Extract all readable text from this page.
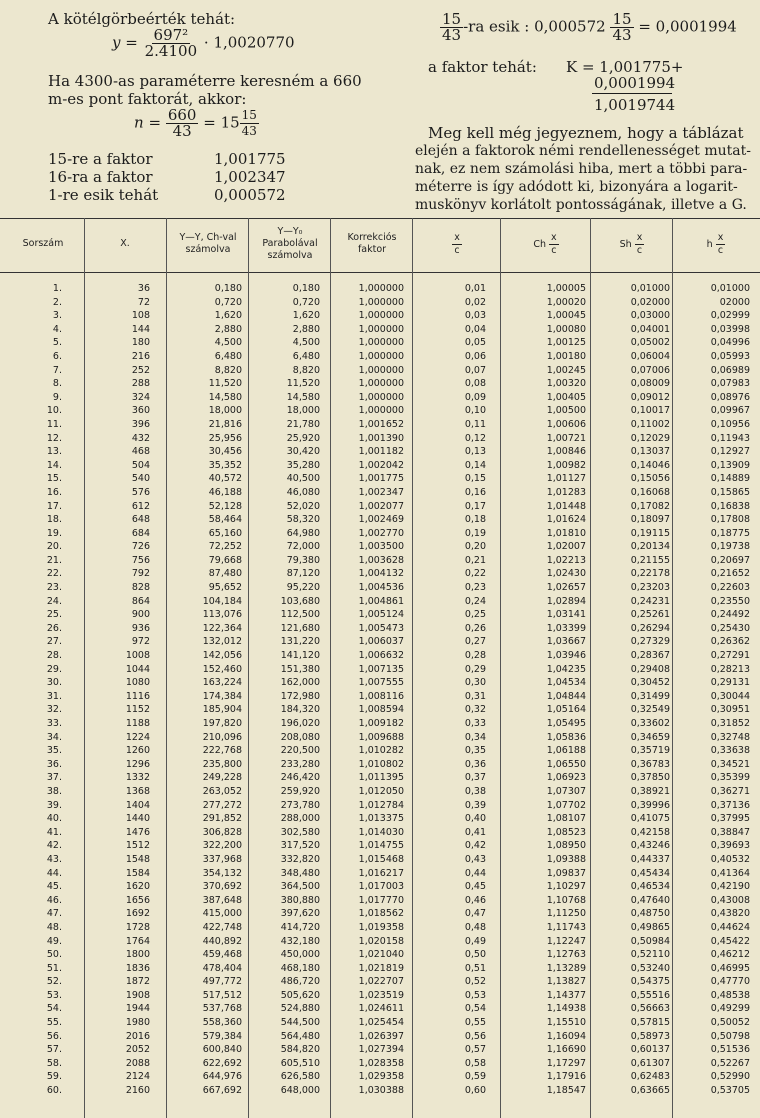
A kötélgörbeérték tehát:
$y = \frac{\text{697²}}{2.4100} \cdot 1,0020770$
Ha 4300-as paraméterre keresném a 660
m-es pont faktorát, akkor:
$n = \frac{660}{43} = 15 \frac{15}{43}$
15-re a faktor	1,001775
16-ra a faktor	1,002347
1-re esik tehát	0,000572
$\frac{15}{43} -ra$ esik : $0,000572 \frac{15}{43} = 0,0001994$
a faktor tehát: K = 1,001775+
0,0001994
1,0019744
Meg kell még jegyeznem, hogy a táblázat
elején a faktorok némi rendellenességet mutat-
nak, ez nem számolási hiba, mert a többi para-
méterre is így adódott ki, bizonyára a logarit-
muskönyv korlátolt pontosságának, illetve a G.
Sorszám	X.
Y—Y, Ch-val
számolva
Y—Y₀
Parabolával
számolva
Korrekciós
faktor	$\frac{x}{c}$	Ch $\frac{x}{c}$	Sh $\frac{x}{c}$	h $\frac{x}{c}$
1.	36	0,180	0,180	1,000000	0,01	1,00005	0,01000	0,01000
2.	72	0,720	0,720	1,000000	0,02	1,00020	0,02000	02000
3.	108	1,620	1,620	1,000000	0,03	1,00045	0,03000	0,02999
4.	144	2,880	2,880	1,000000	0,04	1,00080	0,04001	0,03998
5.	180	4,500	4,500	1,000000	0,05	1,00125	0,05002	0,04996
6.	216	6,480	6,480	1,000000	0,06	1,00180	0,06004	0,05993
7.	252	8,820	8,820	1,000000	0,07	1,00245	0,07006	0,06989
8.	288	11,520	11,520	1,000000	0,08	1,00320	0,08009	0,07983
9.	324	14,580	14,580	1,000000	0,09	1,00405	0,09012	0,08976
10.	360	18,000	18,000	1,000000	0,10	1,00500	0,10017	0,09967
11.	396	21,816	21,780	1,001652	0,11	1,00606	0,11002	0,10956
12.	432	25,956	25,920	1,001390	0,12	1,00721	0,12029	0,11943
13.	468	30,456	30,420	1,001182	0,13	1,00846	0,13037	0,12927
14.	504	35,352	35,280	1,002042	0,14	1,00982	0,14046	0,13909
15.	540	40,572	40,500	1,001775	0,15	1,01127	0,15056	0,14889
16.	576	46,188	46,080	1,002347	0,16	1,01283	0,16068	0,15865
17.	612	52,128	52,020	1,002077	0,17	1,01448	0,17082	0,16838
18.	648	58,464	58,320	1,002469	0,18	1,01624	0,18097	0,17808
19.	684	65,160	64,980	1,002770	0,19	1,01810	0,19115	0,18775
20.	726	72,252	72,000	1,003500	0,20	1,02007	0,20134	0,19738
21.	756	79,668	79,380	1,003628	0,21	1,02213	0,21155	0,20697
22.	792	87,480	87,120	1,004132	0,22	1,02430	0,22178	0,21652
23.	828	95,652	95,220	1,004536	0,23	1,02657	0,23203	0,22603
24.	864	104,184	103,680	1,004861	0,24	1,02894	0,24231	0,23550
25.	900	113,076	112,500	1,005124	0,25	1,03141	0,25261	0,24492
26.	936	122,364	121,680	1,005473	0,26	1,03399	0,26294	0,25430
27.	972	132,012	131,220	1,006037	0,27	1,03667	0,27329	0,26362
28.	1008	142,056	141,120	1,006632	0,28	1,03946	0,28367	0,27291
29.	1044	152,460	151,380	1,007135	0,29	1,04235	0,29408	0,28213
30.	1080	163,224	162,000	1,007555	0,30	1,04534	0,30452	0,29131
31.	1116	174,384	172,980	1,008116	0,31	1,04844	0,31499	0,30044
32.	1152	185,904	184,320	1,008594	0,32	1,05164	0,32549	0,30951
33.	1188	197,820	196,020	1,009182	0,33	1,05495	0,33602	0,31852
34.	1224	210,096	208,080	1,009688	0,34	1,05836	0,34659	0,32748
35.	1260	222,768	220,500	1,010282	0,35	1,06188	0,35719	0,33638
36.	1296	235,800	233,280	1,010802	0,36	1,06550	0,36783	0,34521
37.	1332	249,228	246,420	1,011395	0,37	1,06923	0,37850	0,35399
38.	1368	263,052	259,920	1,012050	0,38	1,07307	0,38921	0,36271
39.	1404	277,272	273,780	1,012784	0,39	1,07702	0,39996	0,37136
40.	1440	291,852	288,000	1,013375	0,40	1,08107	0,41075	0,37995
41.	1476	306,828	302,580	1,014030	0,41	1,08523	0,42158	0,38847
42.	1512	322,200	317,520	1,014755	0,42	1,08950	0,43246	0,39693
43.	1548	337,968	332,820	1,015468	0,43	1,09388	0,44337	0,40532
44.	1584	354,132	348,480	1,016217	0,44	1,09837	0,45434	0,41364
45.	1620	370,692	364,500	1,017003	0,45	1,10297	0,46534	0,42190
46.	1656	387,648	380,880	1,017770	0,46	1,10768	0,47640	0,43008
47.	1692	415,000	397,620	1,018562	0,47	1,11250	0,48750	0,43820
48.	1728	422,748	414,720	1,019358	0,48	1,11743	0,49865	0,44624
49.	1764	440,892	432,180	1,020158	0,49	1,12247	0,50984	0,45422
50.	1800	459,468	450,000	1,021040	0,50	1,12763	0,52110	0,46212
51.	1836	478,404	468,180	1,021819	0,51	1,13289	0,53240	0,46995
52.	1872	497,772	486,720	1,022707	0,52	1,13827	0,54375	0,47770
53.	1908	517,512	505,620	1,023519	0,53	1,14377	0,55516	0,48538
54.	1944	537,768	524,880	1,024611	0,54	1,14938	0,56663	0,49299
55.	1980	558,360	544,500	1,025454	0,55	1,15510	0,57815	0,50052
56.	2016	579,384	564,480	1,026397	0,56	1,16094	0,58973	0,50798
57.	2052	600,840	584,820	1,027394	0,57	1,16690	0,60137	0,51536
58.	2088	622,692	605,510	1,028358	0,58	1,17297	0,61307	0,52267
59.	2124	644,976	626,580	1,029358	0,59	1,17916	0,62483	0,52990
60.	2160	667,692	648,000	1,030388	0,60	1,18547	0,63665	0,53705
